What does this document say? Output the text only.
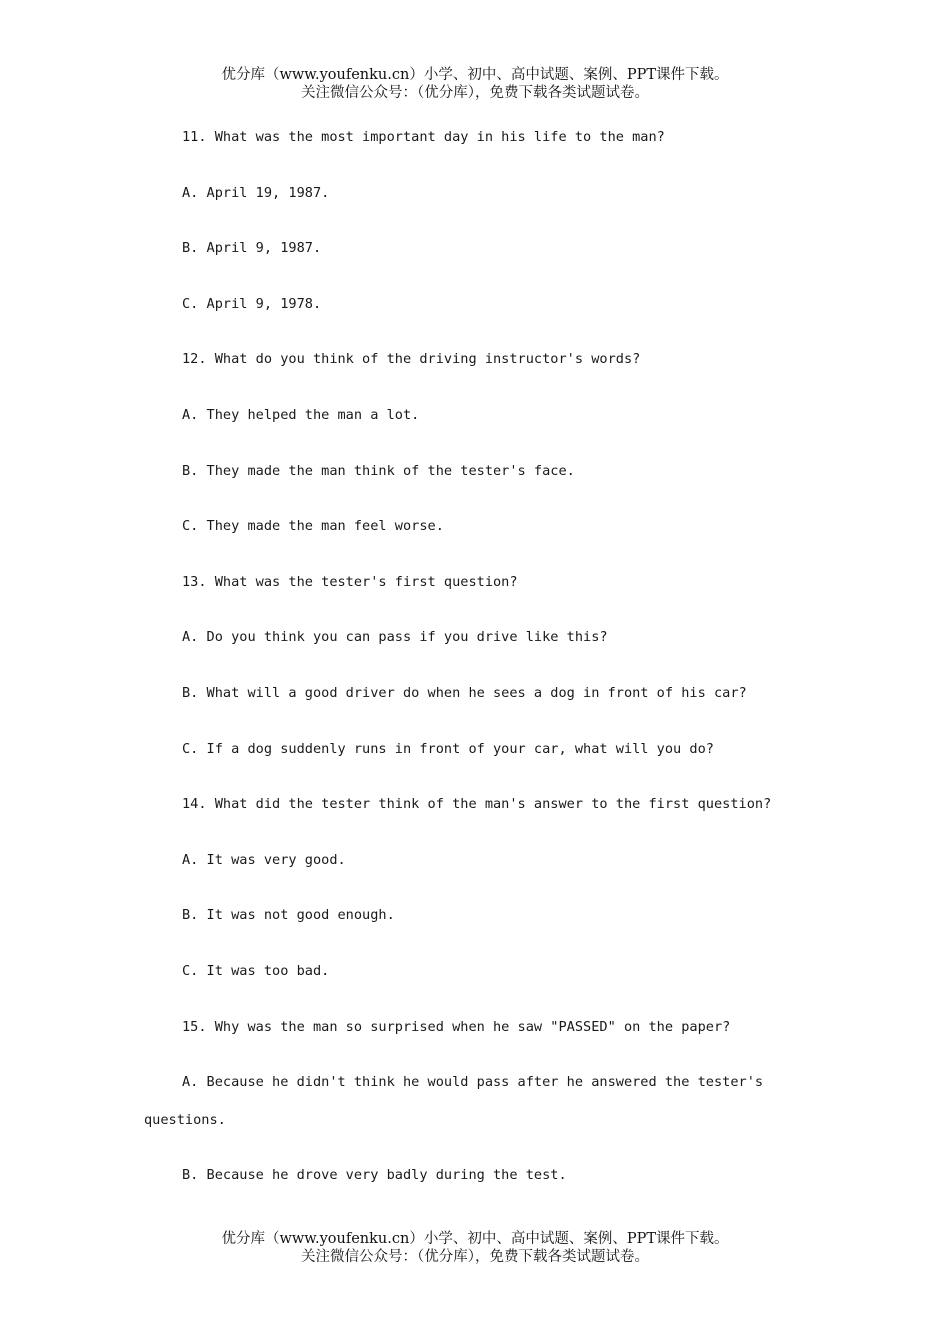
优分库（www.youfenku.cn）小学、初中、高中试题、案例、PPT课件下载。
关注微信公众号：（优分库），免费下载各类试题试卷。
11. What was the most important day in his life to the man?
A. April 19, 1987.
B. April 9, 1987.
C. April 9, 1978.
12. What do you think of the driving instructor's words?
A. They helped the man a lot.
B. They made the man think of the tester's face.
C. They made the man feel worse.
13. What was the tester's first question?
A. Do you think you can pass if you drive like this?
B. What will a good driver do when he sees a dog in front of his car?
C. If a dog suddenly runs in front of your car, what will you do?
14. What did the tester think of the man's answer to the first question?
A. It was very good.
B. It was not good enough.
C. It was too bad.
15. Why was the man so surprised when he saw "PASSED" on the paper?
A. Because he didn't think he would pass after he answered the tester's
questions.
B. Because he drove very badly during the test.
优分库（www.youfenku.cn）小学、初中、高中试题、案例、PPT课件下载。
关注微信公众号：（优分库），免费下载各类试题试卷。
